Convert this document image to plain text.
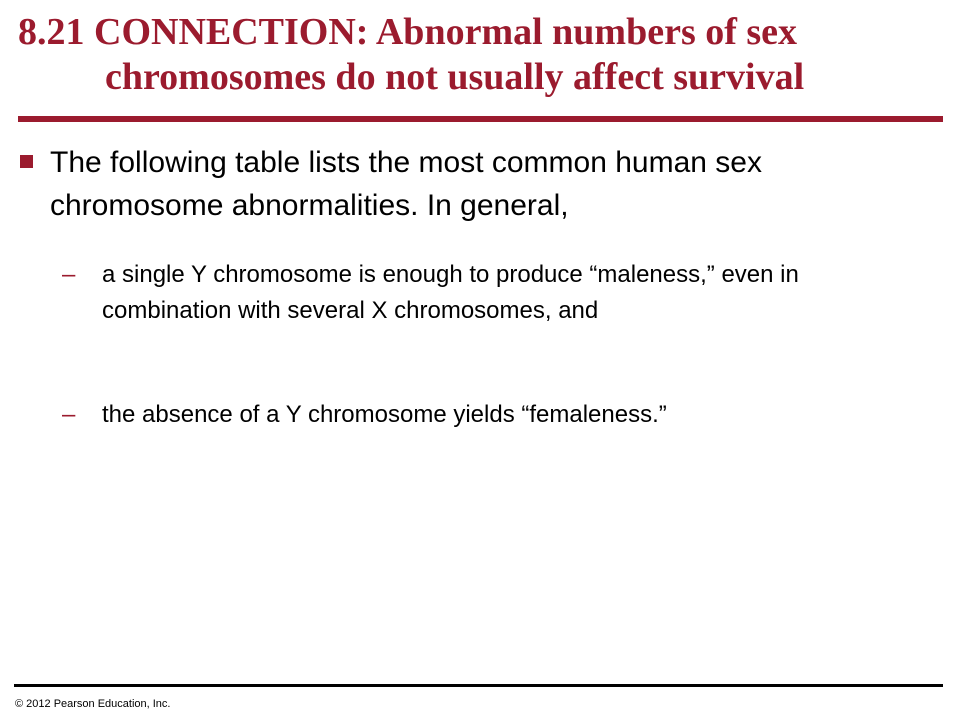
8.21 CONNECTION: Abnormal numbers of sex
chromosomes do not usually affect survival
The following table lists the most common human sex chromosome abnormalities. In general,
–	a single Y chromosome is enough to produce “maleness,” even in combination with several X chromosomes, and
–	the absence of a Y chromosome yields “femaleness.”
© 2012 Pearson Education, Inc.
